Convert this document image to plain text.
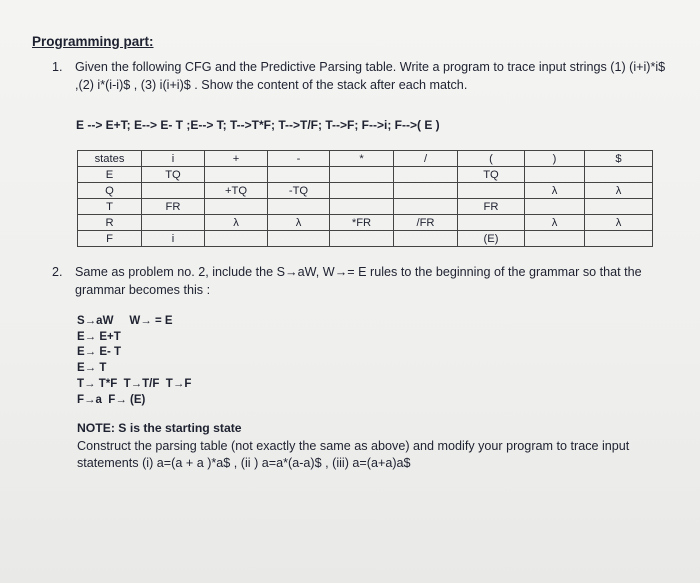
Programming part:
1. Given the following CFG and the Predictive Parsing table. Write a program to trace input strings (1) (i+i)*i$ ,(2) i*(i-i)$ , (3) i(i+i)$ . Show the content of the stack after each match.
E --> E+T; E--> E- T ;E--> T; T-->T*F; T-->T/F; T-->F; F-->i; F-->( E )
states	i	+	-	*	/	(	)	$
E	TQ					TQ		
Q		+TQ	-TQ				λ	λ
T	FR					FR		
R		λ	λ	*FR	/FR		λ	λ
F	i					(E)		
2. Same as problem no. 2, include the S→aW, W→= E rules to the beginning of the grammar so that the grammar becomes this :
S→aW     W→ = E
E→ E+T
E→ E- T
E→ T
T→ T*F  T→T/F  T→F
F→a  F→ (E)
NOTE: S is the starting state
Construct the parsing table (not exactly the same as above) and modify your program to trace input statements (i) a=(a + a )*a$ , (ii ) a=a*(a-a)$ , (iii) a=(a+a)a$
